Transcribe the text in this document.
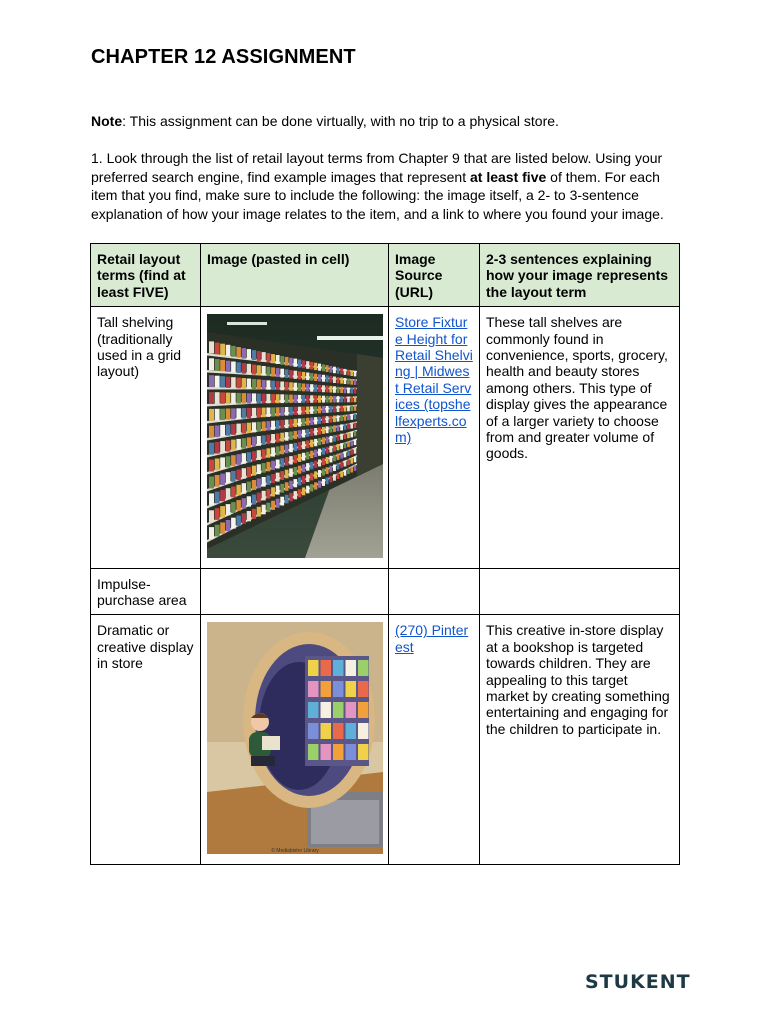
CHAPTER 12 ASSIGNMENT
Note: This assignment can be done virtually, with no trip to a physical store.
1. Look through the list of retail layout terms from Chapter 9 that are listed below. Using your preferred search engine, find example images that represent at least five of them. For each item that you find, make sure to include the following: the image itself, a 2- to 3-sentence explanation of how your image relates to the item, and a link to where you found your image.
Retail layout terms (find at least FIVE)	Image (pasted in cell)	Image Source (URL)	2-3 sentences explaining how your image represents the layout term
Tall shelving (traditionally used in a grid layout)		Store Fixture Height for Retail Shelving | Midwest Retail Services (topshelfexperts.com)	These tall shelves are commonly found in convenience, sports, grocery, health and beauty stores among others. This type of display gives the appearance of a larger variety to choose from and greater volume of goods.
Impulse-purchase area			
Dramatic or creative display in store	© Mediabistro Library	(270) Pinterest	This creative in-store display at a bookshop is targeted towards children. They are appealing to this target market by creating something entertaining and engaging for the children to participate in.
STUKENT
